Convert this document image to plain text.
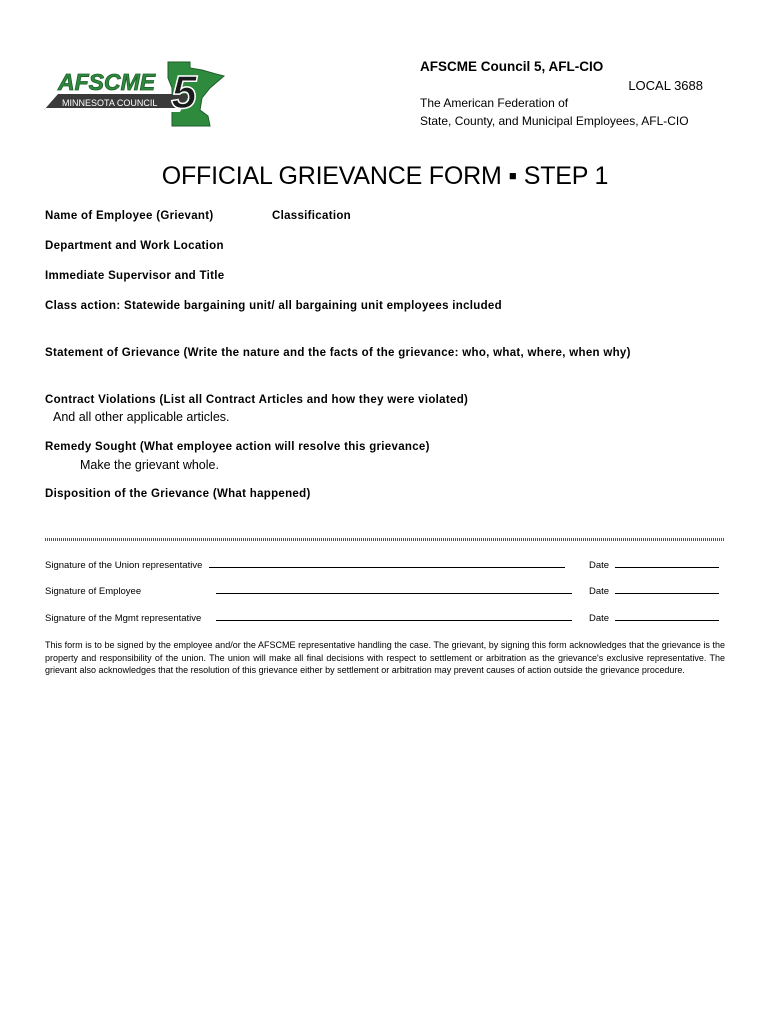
5
AFSCME
MINNESOTA COUNCIL
AFSCME Council 5, AFL-CIO
LOCAL 3688
The American Federation of
State, County, and Municipal Employees, AFL-CIO
OFFICIAL GRIEVANCE FORM ▪ STEP 1
Name of Employee (Grievant)	Classification
Department and Work Location
Immediate Supervisor and Title
Class action: Statewide bargaining unit/ all bargaining unit employees included
Statement of Grievance (Write the nature and the facts of the grievance: who, what, where, when why)
Contract Violations (List all Contract Articles and how they were violated)
And all other applicable articles.
Remedy Sought (What employee action will resolve this grievance)
Make the grievant whole.
Disposition of the Grievance (What happened)
Signature of the Union representative	Date
Signature of Employee	Date
Signature of the Mgmt representative	Date
This form is to be signed by the employee and/or the AFSCME representative handling the case. The grievant, by signing this form acknowledges that the grievance is the property and responsibility of the union. The union will make all final decisions with respect to settlement or arbitration as the grievance's exclusive representative. The grievant also acknowledges that the resolution of this grievance either by settlement or arbitration may prevent causes of action outside the grievance procedure.
